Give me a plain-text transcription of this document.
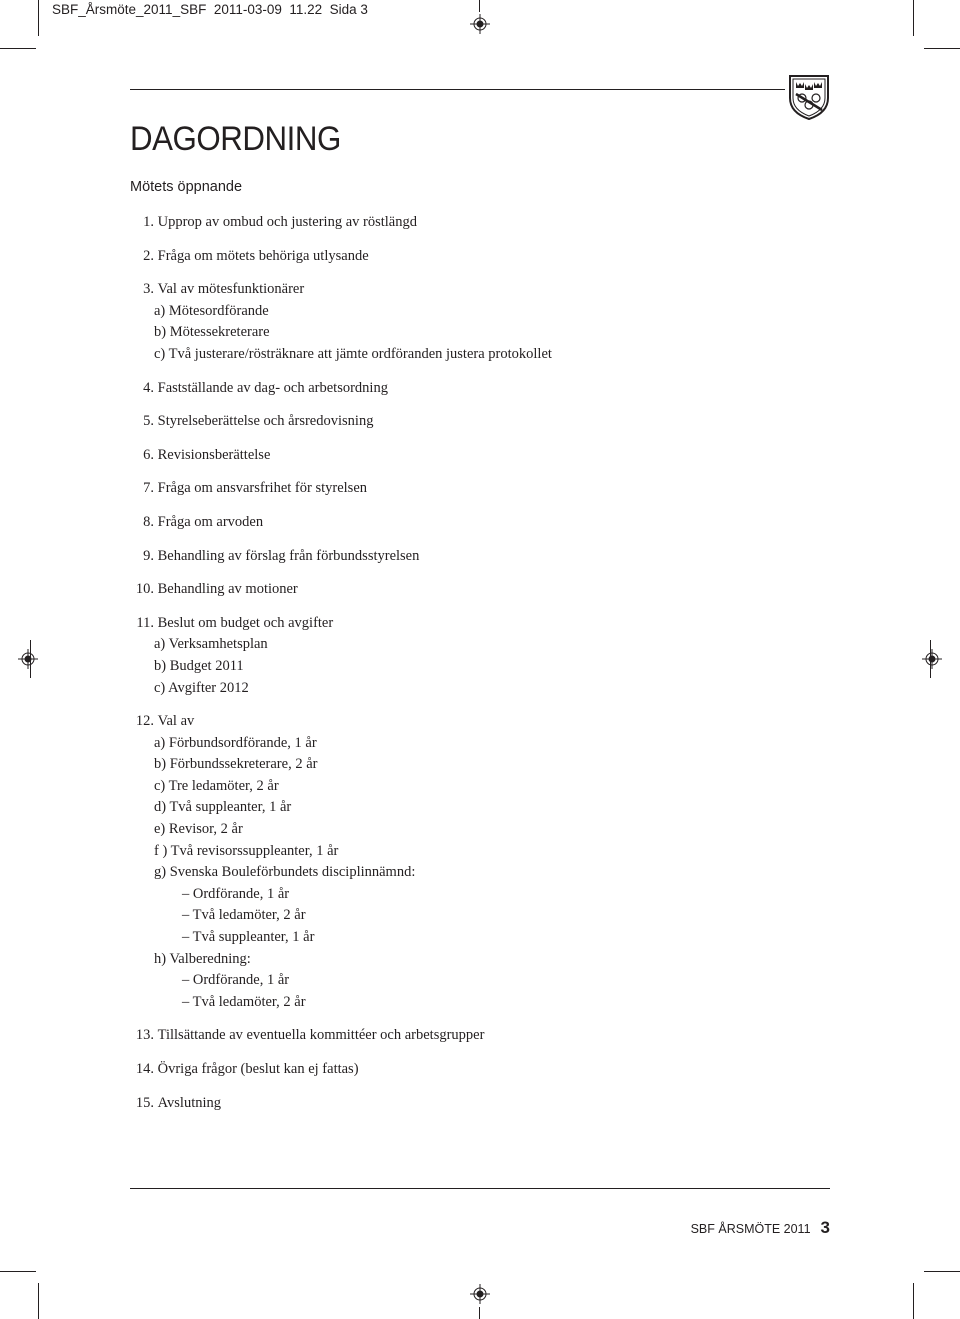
SBF_Årsmöte_2011_SBF  2011-03-09  11.22  Sida 3
DAGORDNING
Mötets öppnande
1. Upprop av ombud och justering av röstlängd
2. Fråga om mötets behöriga utlysande
3. Val av mötesfunktionärer
a) Mötesordförande
b) Mötessekreterare
c) Två justerare/rösträknare att jämte ordföranden justera protokollet
4. Fastställande av dag- och arbetsordning
5. Styrelseberättelse och årsredovisning
6. Revisionsberättelse
7. Fråga om ansvarsfrihet för styrelsen
8. Fråga om arvoden
9. Behandling av förslag från förbundsstyrelsen
10. Behandling av motioner
11. Beslut om budget och avgifter
a) Verksamhetsplan
b) Budget 2011
c) Avgifter 2012
12. Val av
a) Förbundsordförande, 1 år
b) Förbundssekreterare, 2 år
c) Tre ledamöter, 2 år
d) Två suppleanter, 1 år
e) Revisor, 2 år
f ) Två revisorssuppleanter, 1 år
g) Svenska Bouleförbundets disciplinnämnd:
– Ordförande, 1 år
– Två ledamöter, 2 år
– Två suppleanter, 1 år
h) Valberedning:
– Ordförande, 1 år
– Två ledamöter, 2 år
13. Tillsättande av eventuella kommittéer och arbetsgrupper
14. Övriga frågor (beslut kan ej fattas)
15. Avslutning
SBF ÅRSMÖTE 2011 3
